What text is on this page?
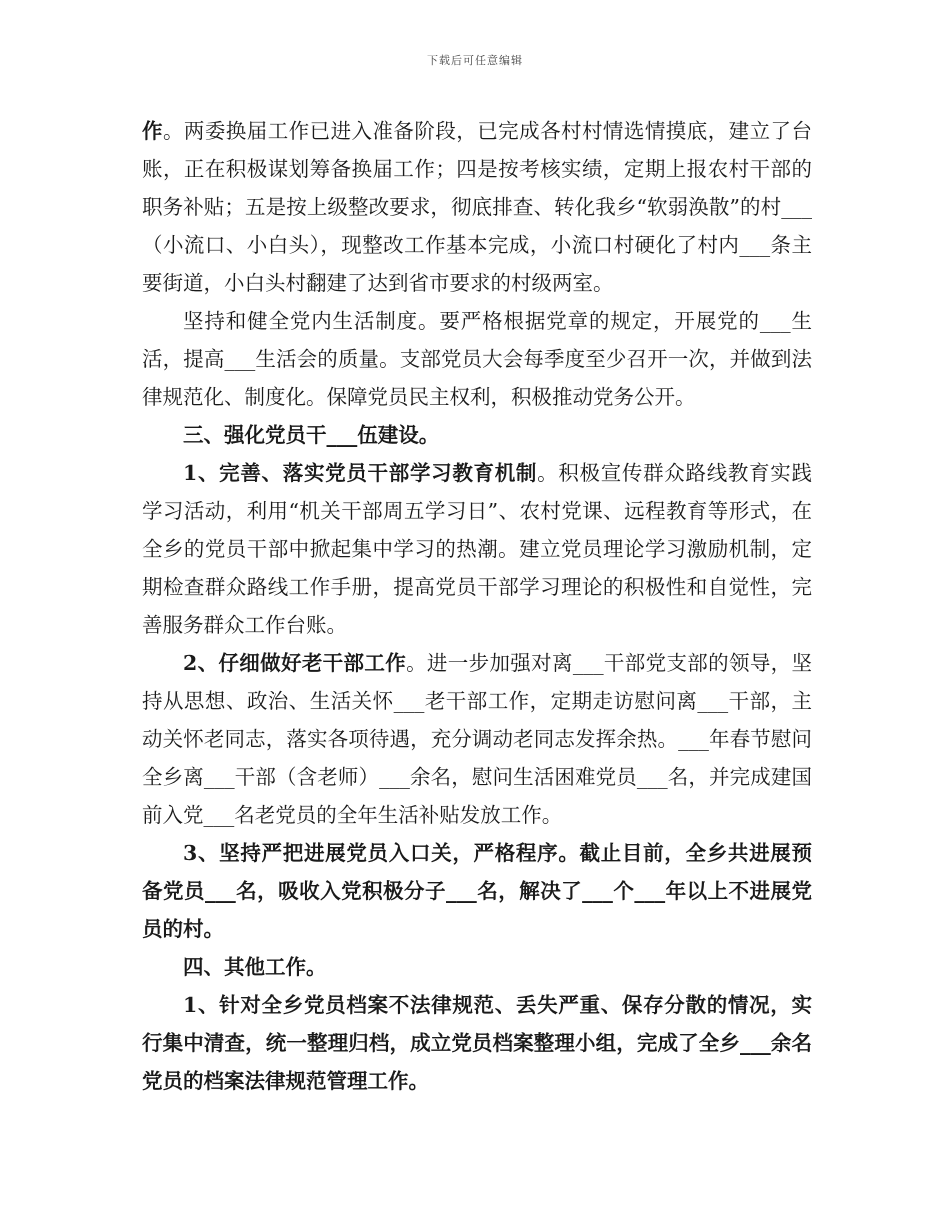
下载后可任意编辑

作。两委换届工作已进入准备阶段，已完成各村村情选情摸底，建立了台账，正在积极谋划筹备换届工作；四是按考核实绩，定期上报农村干部的职务补贴；五是按上级整改要求，彻底排查、转化我乡“软弱涣散”的村___（小流口、小白头），现整改工作基本完成，小流口村硬化了村内___条主要街道，小白头村翻建了达到省市要求的村级两室。

坚持和健全党内生活制度。要严格根据党章的规定，开展党的___生活，提高___生活会的质量。支部党员大会每季度至少召开一次，并做到法律规范化、制度化。保障党员民主权利，积极推动党务公开。

三、强化党员干___伍建设。

1、完善、落实党员干部学习教育机制。积极宣传群众路线教育实践学习活动，利用“机关干部周五学习日”、农村党课、远程教育等形式，在全乡的党员干部中掀起集中学习的热潮。建立党员理论学习激励机制，定期检查群众路线工作手册，提高党员干部学习理论的积极性和自觉性，完善服务群众工作台账。

2、仔细做好老干部工作。进一步加强对离___干部党支部的领导，坚持从思想、政治、生活关怀___老干部工作，定期走访慰问离___干部，主动关怀老同志，落实各项待遇，充分调动老同志发挥余热。___年春节慰问全乡离___干部（含老师）___余名，慰问生活困难党员___名，并完成建国前入党___名老党员的全年生活补贴发放工作。

3、坚持严把进展党员入口关，严格程序。截止目前，全乡共进展预备党员___名，吸收入党积极分子___名，解决了___个___年以上不进展党员的村。

四、其他工作。

1、针对全乡党员档案不法律规范、丢失严重、保存分散的情况，实行集中清查，统一整理归档，成立党员档案整理小组，完成了全乡___余名党员的档案法律规范管理工作。
